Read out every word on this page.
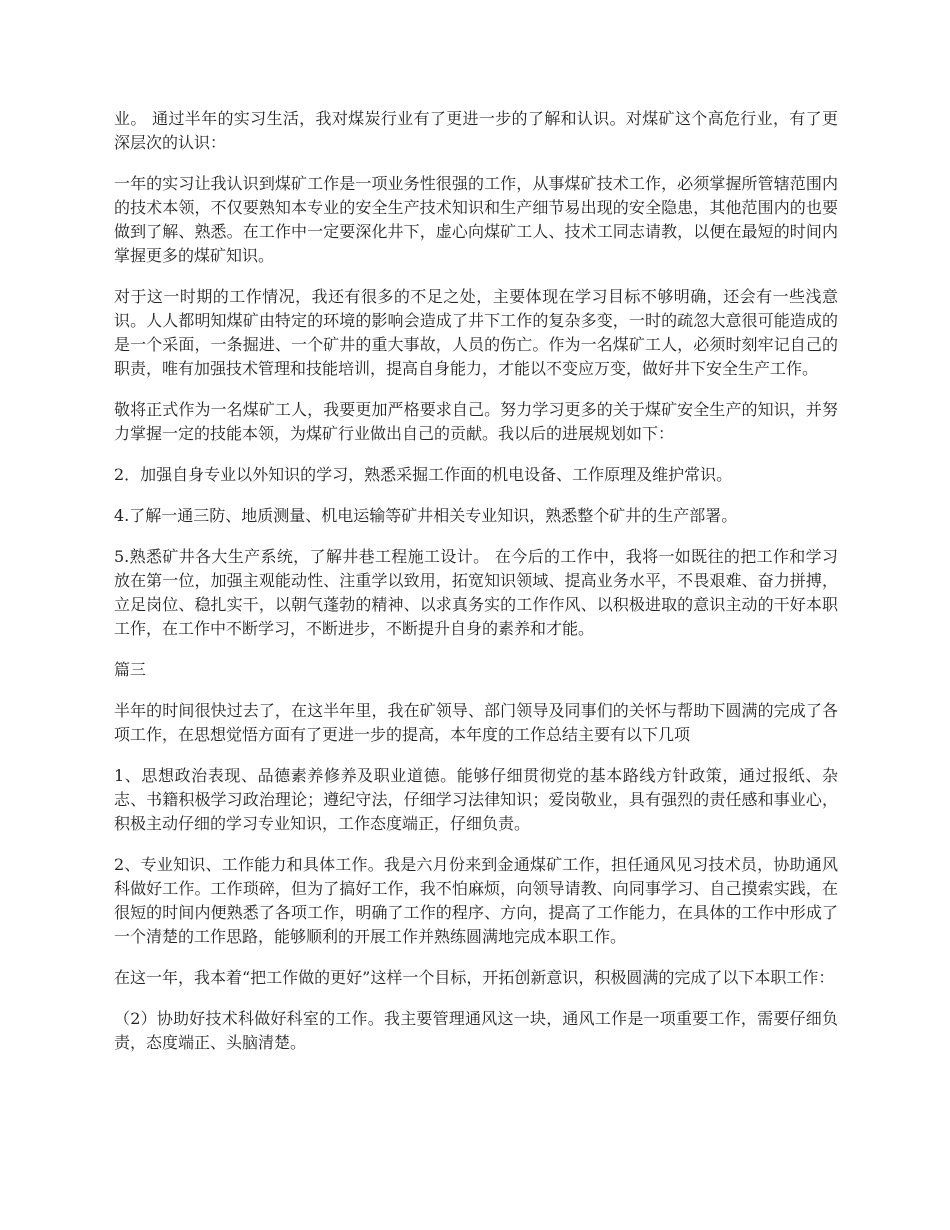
业。 通过半年的实习生活，我对煤炭行业有了更进一步的了解和认识。对煤矿这个高危行业，有了更深层次的认识：

一年的实习让我认识到煤矿工作是一项业务性很强的工作，从事煤矿技术工作，必须掌握所管辖范围内的技术本领，不仅要熟知本专业的安全生产技术知识和生产细节易出现的安全隐患，其他范围内的也要做到了解、熟悉。在工作中一定要深化井下，虚心向煤矿工人、技术工同志请教，以便在最短的时间内掌握更多的煤矿知识。

对于这一时期的工作情况，我还有很多的不足之处，主要体现在学习目标不够明确，还会有一些浅意识。人人都明知煤矿由特定的环境的影响会造成了井下工作的复杂多变，一时的疏忽大意很可能造成的是一个采面，一条掘进、一个矿井的重大事故，人员的伤亡。作为一名煤矿工人，必须时刻牢记自己的职责，唯有加强技术管理和技能培训，提高自身能力，才能以不变应万变，做好井下安全生产工作。

敬将正式作为一名煤矿工人，我要更加严格要求自己。努力学习更多的关于煤矿安全生产的知识，并努力掌握一定的技能本领，为煤矿行业做出自己的贡献。我以后的进展规划如下：

2．加强自身专业以外知识的学习，熟悉采掘工作面的机电设备、工作原理及维护常识。

4.了解一通三防、地质测量、机电运输等矿井相关专业知识，熟悉整个矿井的生产部署。

5.熟悉矿井各大生产系统，了解井巷工程施工设计。 在今后的工作中，我将一如既往的把工作和学习放在第一位，加强主观能动性、注重学以致用，拓宽知识领域、提高业务水平，不畏艰难、奋力拼搏，立足岗位、稳扎实干，以朝气蓬勃的精神、以求真务实的工作作风、以积极进取的意识主动的干好本职工作，在工作中不断学习，不断进步，不断提升自身的素养和才能。

篇三

半年的时间很快过去了，在这半年里，我在矿领导、部门领导及同事们的关怀与帮助下圆满的完成了各项工作，在思想觉悟方面有了更进一步的提高，本年度的工作总结主要有以下几项

1、思想政治表现、品德素养修养及职业道德。能够仔细贯彻党的基本路线方针政策，通过报纸、杂志、书籍积极学习政治理论；遵纪守法，仔细学习法律知识；爱岗敬业，具有强烈的责任感和事业心，积极主动仔细的学习专业知识，工作态度端正，仔细负责。

2、专业知识、工作能力和具体工作。我是六月份来到金通煤矿工作，担任通风见习技术员，协助通风科做好工作。工作琐碎，但为了搞好工作，我不怕麻烦，向领导请教、向同事学习、自己摸索实践，在很短的时间内便熟悉了各项工作，明确了工作的程序、方向，提高了工作能力，在具体的工作中形成了一个清楚的工作思路，能够顺利的开展工作并熟练圆满地完成本职工作。

在这一年，我本着“把工作做的更好”这样一个目标，开拓创新意识，积极圆满的完成了以下本职工作：

（2）协助好技术科做好科室的工作。我主要管理通风这一块，通风工作是一项重要工作，需要仔细负责，态度端正、头脑清楚。
